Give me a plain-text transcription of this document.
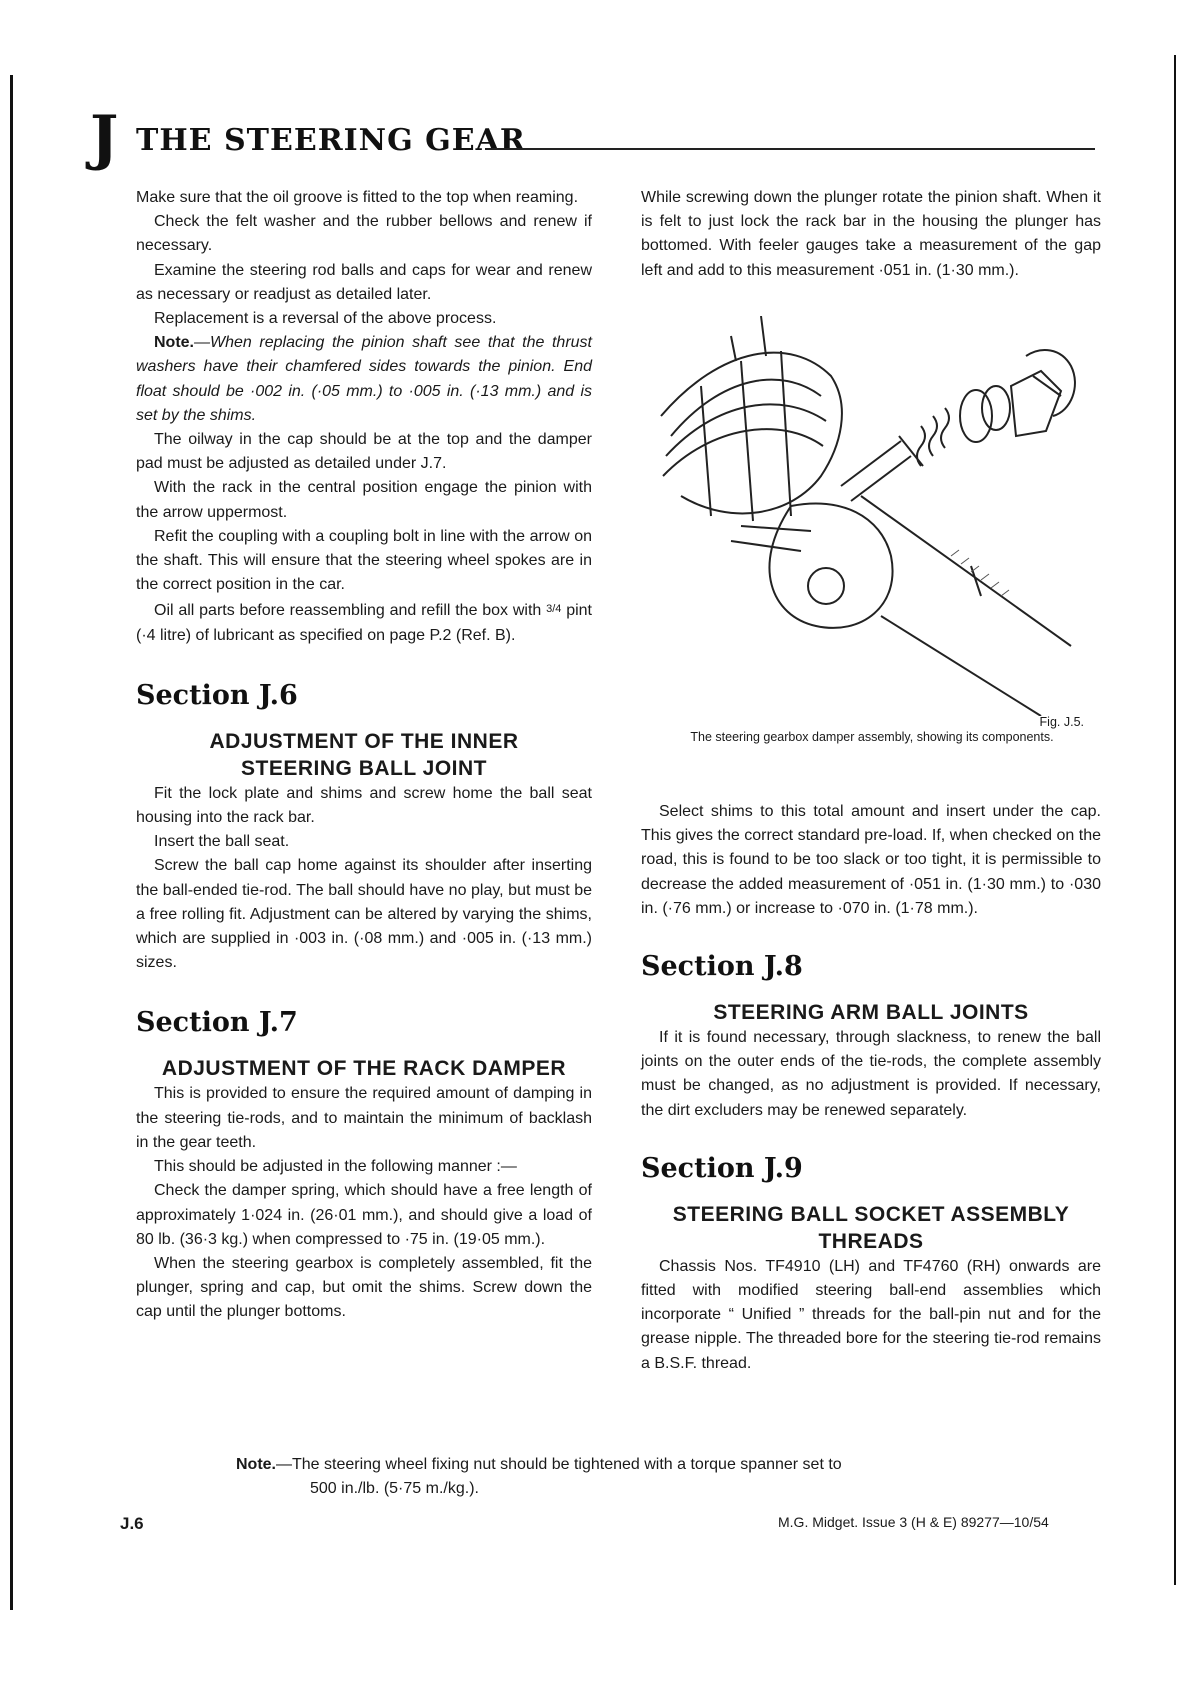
J THE STEERING GEAR

Make sure that the oil groove is fitted to the top when reaming.

Check the felt washer and the rubber bellows and renew if necessary.

Examine the steering rod balls and caps for wear and renew as necessary or readjust as detailed later.

Replacement is a reversal of the above process.

Note.—When replacing the pinion shaft see that the thrust washers have their chamfered sides towards the pinion. End float should be ·002 in. (·05 mm.) to ·005 in. (·13 mm.) and is set by the shims.

The oilway in the cap should be at the top and the damper pad must be adjusted as detailed under J.7.

With the rack in the central position engage the pinion with the arrow uppermost.

Refit the coupling with a coupling bolt in line with the arrow on the shaft. This will ensure that the steering wheel spokes are in the correct position in the car.

Oil all parts before reassembling and refill the box with 3/4 pint (·4 litre) of lubricant as specified on page P.2 (Ref. B).

Section J.6
ADJUSTMENT OF THE INNER STEERING BALL JOINT

Fit the lock plate and shims and screw home the ball seat housing into the rack bar.

Insert the ball seat.

Screw the ball cap home against its shoulder after inserting the ball-ended tie-rod. The ball should have no play, but must be a free rolling fit. Adjustment can be altered by varying the shims, which are supplied in ·003 in. (·08 mm.) and ·005 in. (·13 mm.) sizes.

Section J.7
ADJUSTMENT OF THE RACK DAMPER

This is provided to ensure the required amount of damping in the steering tie-rods, and to maintain the minimum of backlash in the gear teeth.

This should be adjusted in the following manner :—

Check the damper spring, which should have a free length of approximately 1·024 in. (26·01 mm.), and should give a load of 80 lb. (36·3 kg.) when compressed to ·75 in. (19·05 mm.).

When the steering gearbox is completely assembled, fit the plunger, spring and cap, but omit the shims. Screw down the cap until the plunger bottoms.

While screwing down the plunger rotate the pinion shaft. When it is felt to just lock the rack bar in the housing the plunger has bottomed. With feeler gauges take a measurement of the gap left and add to this measurement ·051 in. (1·30 mm.).

Fig. J.5.
The steering gearbox damper assembly, showing its components.

Select shims to this total amount and insert under the cap. This gives the correct standard pre-load. If, when checked on the road, this is found to be too slack or too tight, it is permissible to decrease the added measurement of ·051 in. (1·30 mm.) to ·030 in. (·76 mm.) or increase to ·070 in. (1·78 mm.).

Section J.8
STEERING ARM BALL JOINTS

If it is found necessary, through slackness, to renew the ball joints on the outer ends of the tie-rods, the complete assembly must be changed, as no adjustment is provided. If necessary, the dirt excluders may be renewed separately.

Section J.9
STEERING BALL SOCKET ASSEMBLY THREADS

Chassis Nos. TF4910 (LH) and TF4760 (RH) onwards are fitted with modified steering ball-end assemblies which incorporate “ Unified ” threads for the ball-pin nut and for the grease nipple. The threaded bore for the steering tie-rod remains a B.S.F. thread.

Note.—The steering wheel fixing nut should be tightened with a torque spanner set to
500 in./lb. (5·75 m./kg.).
J.6	M.G. Midget. Issue 3 (H & E) 89277—10/54
